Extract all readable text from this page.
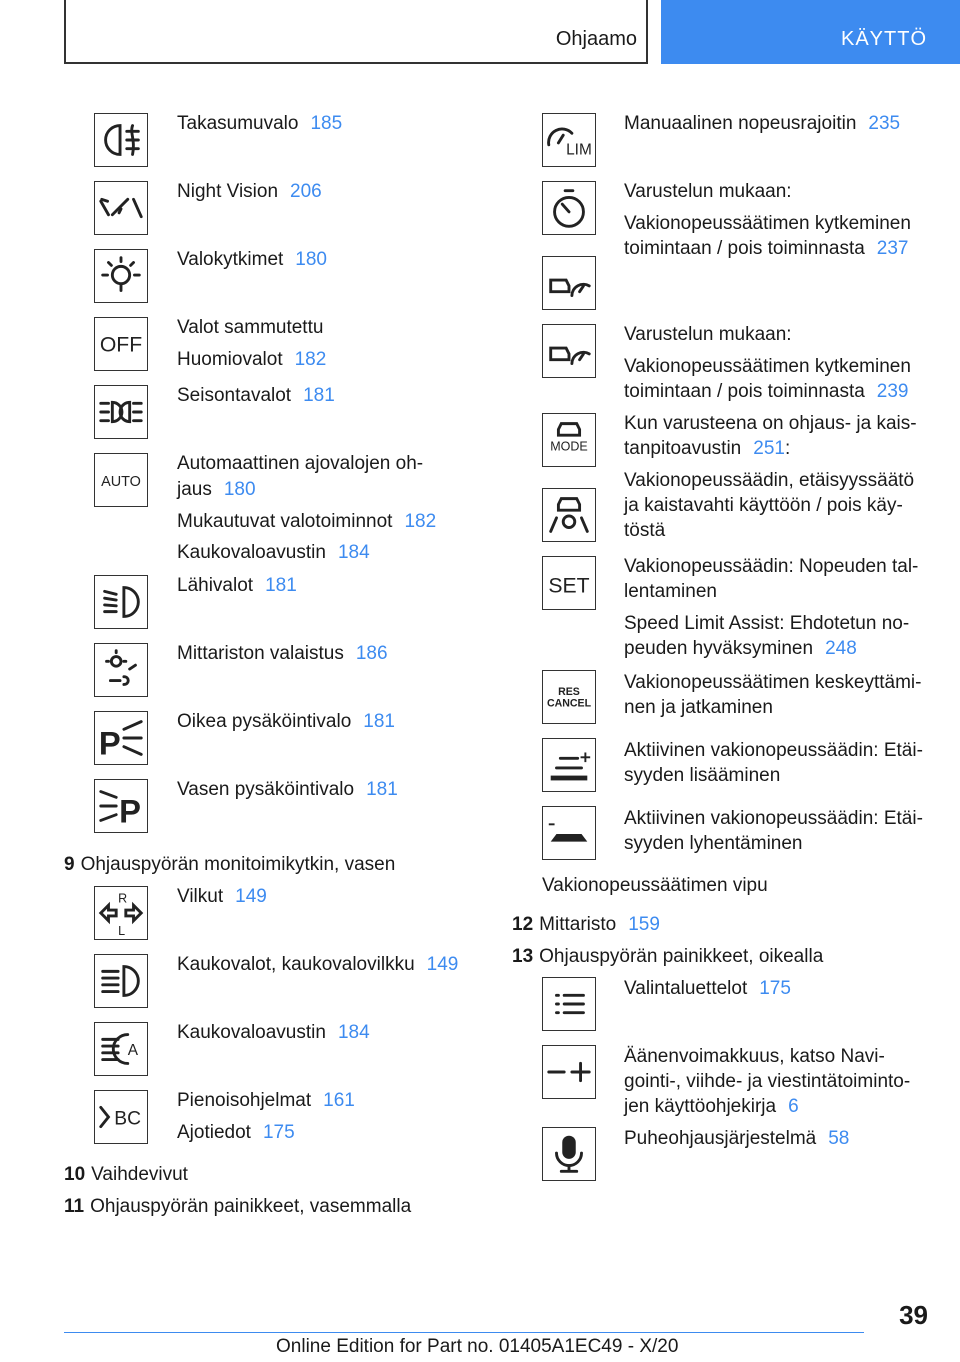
Ohjaamo	KÄYTTÖ
Takasumuvalo 185
Night Vision 206
Valokytkimet 180
OFF
Valot sammutettu
Huomiovalot 182
Seisontavalot 181
AUTO
Automaattinen ajovalojen oh-
jaus 180
Mukautuvat valotoiminnot 182
Kaukovaloavustin 184
Lähivalot 181
Mittariston valaistus 186
P
Oikea pysäköintivalo 181
P
Vasen pysäköintivalo 181
9 Ohjauspyörän monitoimikytkin, vasen
R
L
Vilkut 149
Kaukovalot, kaukovalovilkku 149
A
Kaukovaloavustin 184
BC
Pienoisohjelmat 161
Ajotiedot 175
10 Vaihdevivut
11 Ohjauspyörän painikkeet, vasemmalla
LIM
MODE
SET
RES
CANCEL
Manuaalinen nopeusrajoitin 235
Varustelun mukaan:
Vakionopeussäätimen kytkeminen
toimintaan / pois toiminnasta 237
Varustelun mukaan:
Vakionopeussäätimen kytkeminen
toimintaan / pois toiminnasta 239
Kun varusteena on ohjaus- ja kais-
tanpitoavustin 251:
Vakionopeussäädin, etäisyyssäätö
ja kaistavahti käyttöön / pois käy-
töstä
Vakionopeussäädin: Nopeuden tal-
lentaminen
Speed Limit Assist: Ehdotetun no-
peuden hyväksyminen 248
Vakionopeussäätimen keskeyttämi-
nen ja jatkaminen
Aktiivinen vakionopeussäädin: Etäi-
syyden lisääminen
Aktiivinen vakionopeussäädin: Etäi-
syyden lyhentäminen
Vakionopeussäätimen vipu
12 Mittaristo 159
13 Ohjauspyörän painikkeet, oikealla
Valintaluettelot 175
Äänenvoimakkuus, katso Navi-
gointi-, viihde- ja viestintätoiminto-
jen käyttöohjekirja 6
Puheohjausjärjestelmä 58
39
Online Edition for Part no. 01405A1EC49 - X/20
